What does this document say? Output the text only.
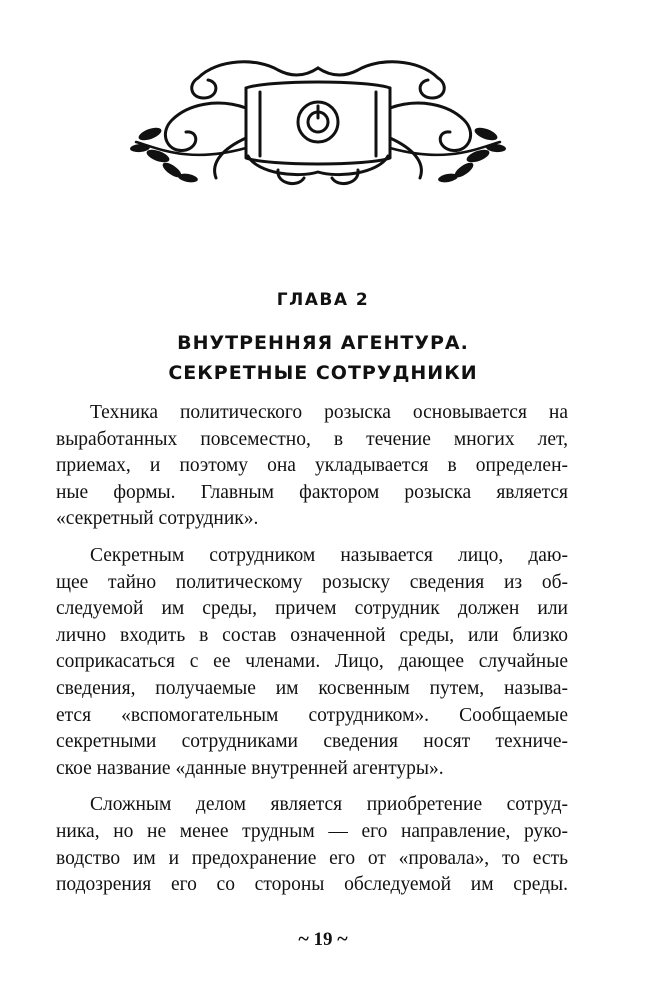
ГЛАВА 2
ВНУТРЕННЯЯ АГЕНТУРА.
СЕКРЕТНЫЕ СОТРУДНИКИ
Техника политического розыска основывается на
выработанных повсеместно, в течение многих лет,
приемах, и поэтому она укладывается в определен-
ные формы. Главным фактором розыска является
«секретный сотрудник».
Секретным сотрудником называется лицо, даю-
щее тайно политическому розыску сведения из об-
следуемой им среды, причем сотрудник должен или
лично входить в состав означенной среды, или близко
соприкасаться с ее членами. Лицо, дающее случайные
сведения, получаемые им косвенным путем, называ-
ется «вспомогательным сотрудником». Сообщаемые
секретными сотрудниками сведения носят техниче-
ское название «данные внутренней агентуры».
Сложным делом является приобретение сотруд-
ника, но не менее трудным — его направление, руко-
водство им и предохранение его от «провала», то есть
подозрения его со стороны обследуемой им среды.
~ 19 ~
